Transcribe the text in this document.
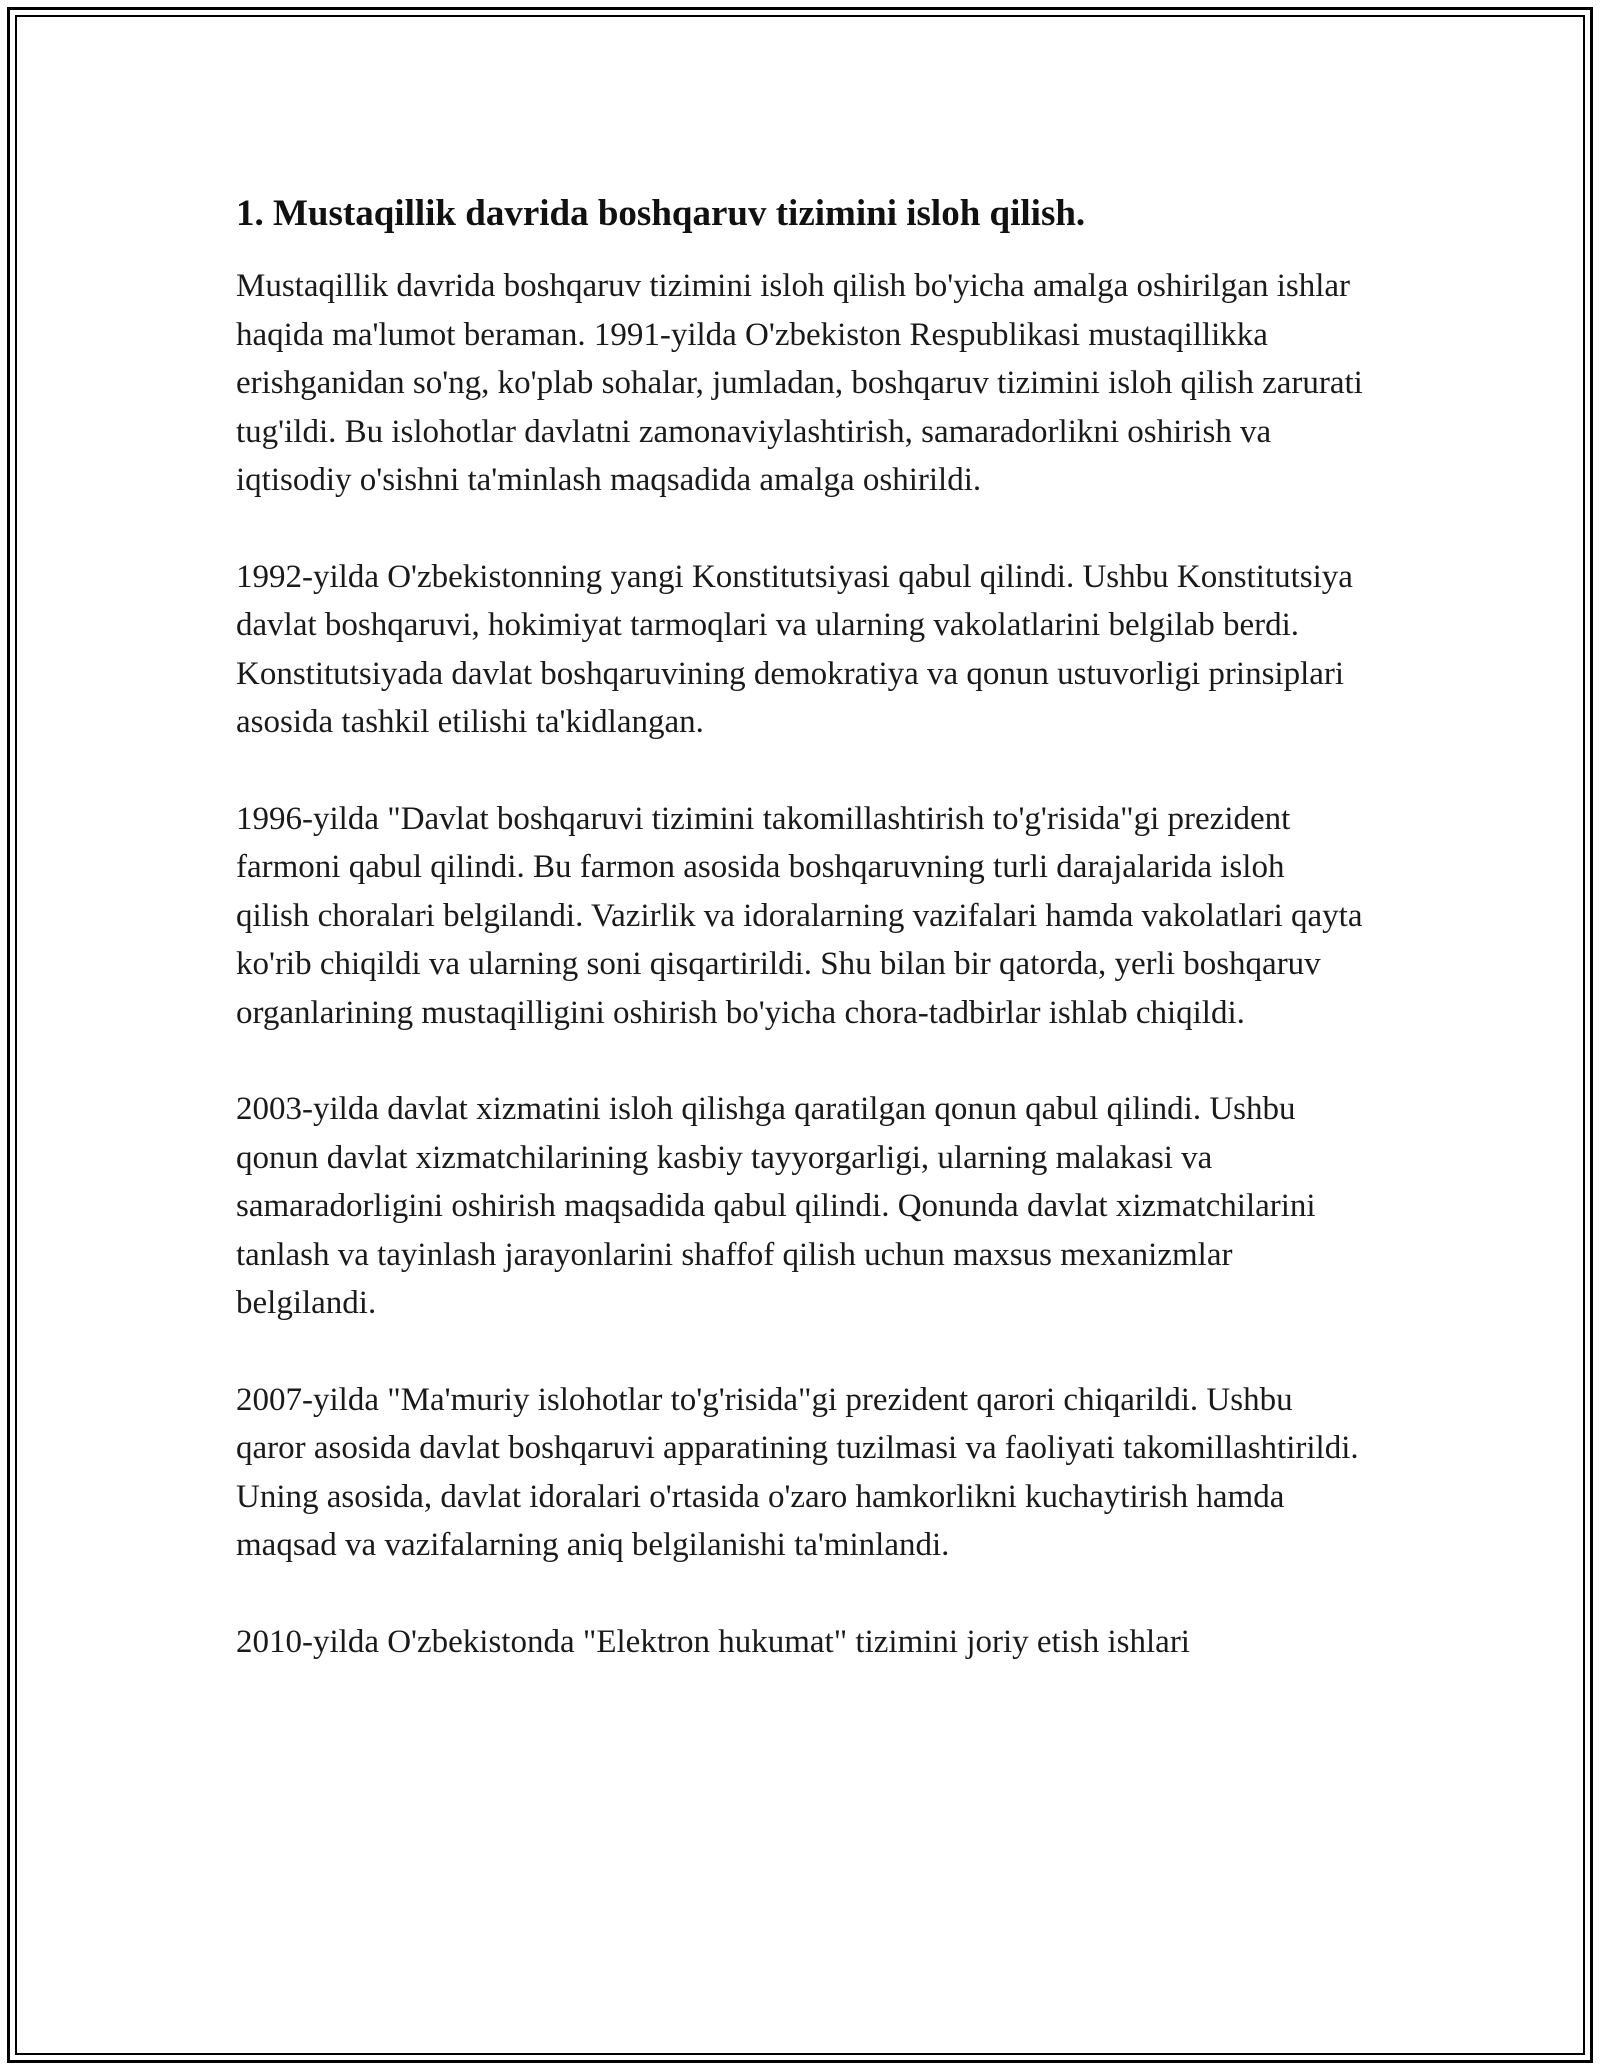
1. Mustaqillik davrida boshqaruv tizimini isloh qilish.

Mustaqillik davrida boshqaruv tizimini isloh qilish bo'yicha amalga oshirilgan ishlar haqida ma'lumot beraman. 1991-yilda O'zbekiston Respublikasi mustaqillikka erishganidan so'ng, ko'plab sohalar, jumladan, boshqaruv tizimini isloh qilish zarurati tug'ildi. Bu islohotlar davlatni zamonaviylashtirish, samaradorlikni oshirish va iqtisodiy o'sishni ta'minlash maqsadida amalga oshirildi.

1992-yilda O'zbekistonning yangi Konstitutsiyasi qabul qilindi. Ushbu Konstitutsiya davlat boshqaruvi, hokimiyat tarmoqlari va ularning vakolatlarini belgilab berdi. Konstitutsiyada davlat boshqaruvining demokratiya va qonun ustuvorligi prinsiplari asosida tashkil etilishi ta'kidlangan.

1996-yilda "Davlat boshqaruvi tizimini takomillashtirish to'g'risida"gi prezident farmoni qabul qilindi. Bu farmon asosida boshqaruvning turli darajalarida isloh qilish choralari belgilandi. Vazirlik va idoralarning vazifalari hamda vakolatlari qayta ko'rib chiqildi va ularning soni qisqartirildi. Shu bilan bir qatorda, yerli boshqaruv organlarining mustaqilligini oshirish bo'yicha chora-tadbirlar ishlab chiqildi.

2003-yilda davlat xizmatini isloh qilishga qaratilgan qonun qabul qilindi. Ushbu qonun davlat xizmatchilarining kasbiy tayyorgarligi, ularning malakasi va samaradorligini oshirish maqsadida qabul qilindi. Qonunda davlat xizmatchilarini tanlash va tayinlash jarayonlarini shaffof qilish uchun maxsus mexanizmlar belgilandi.

2007-yilda "Ma'muriy islohotlar to'g'risida"gi prezident qarori chiqarildi. Ushbu qaror asosida davlat boshqaruvi apparatining tuzilmasi va faoliyati takomillashtirildi. Uning asosida, davlat idoralari o'rtasida o'zaro hamkorlikni kuchaytirish hamda maqsad va vazifalarning aniq belgilanishi ta'minlandi.

2010-yilda O'zbekistonda "Elektron hukumat" tizimini joriy etish ishlari
